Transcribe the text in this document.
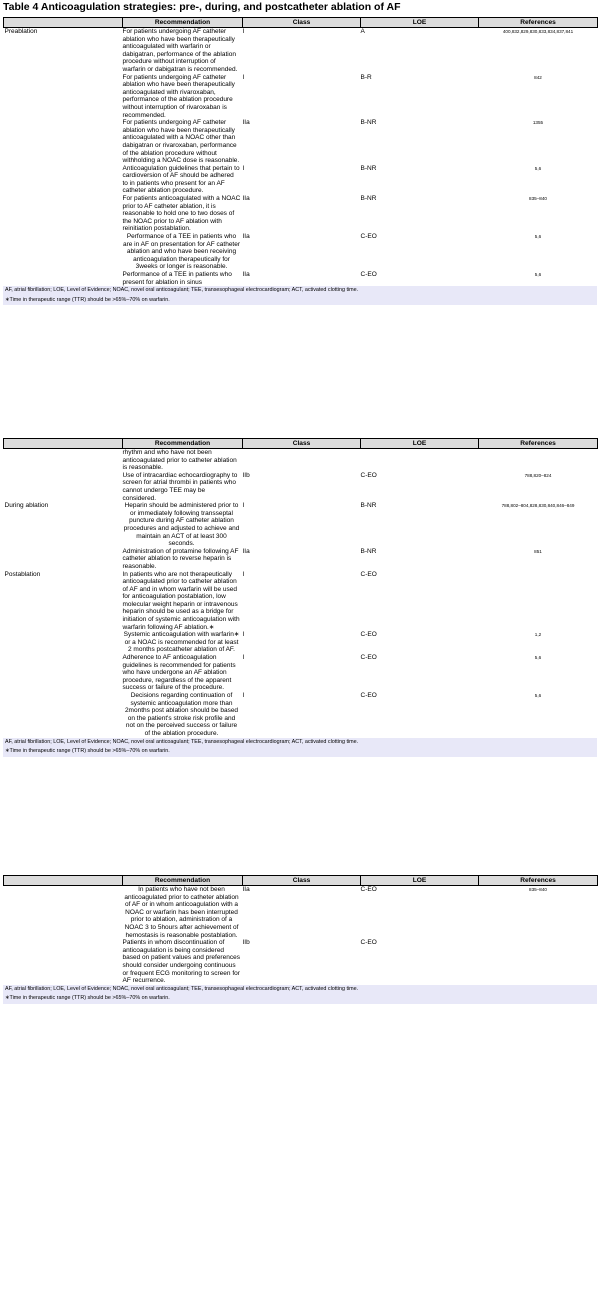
Table 4 Anticoagulation strategies: pre-, during, and postcatheter ablation of AF
	Recommendation	Class	LOE	References
Preablation	For patients undergoing AF catheter ablation who have been therapeutically anticoagulated with warfarin or dabigatran, performance of the ablation procedure without interruption of warfarin or dabigatran is recommended.	I	A	400,832,829,830,833,834,837,841
	For patients undergoing AF catheter ablation who have been therapeutically anticoagulated with rivaroxaban, performance of the ablation procedure without interruption of rivaroxaban is recommended.	I	B-R	842
	For patients undergoing AF catheter ablation who have been therapeutically anticoagulated with a NOAC other than dabigatran or rivaroxaban, performance of the ablation procedure without withholding a NOAC dose is reasonable.	IIa	B-NR	1355
	Anticoagulation guidelines that pertain to cardioversion of AF should be adhered to in patients who present for an AF catheter ablation procedure.	I	B-NR	5,6
	For patients anticoagulated with a NOAC prior to AF catheter ablation, it is reasonable to hold one to two doses of the NOAC prior to AF ablation with reinitiation postablation.	IIa	B-NR	835–840
	Performance of a TEE in patients who are in AF on presentation for AF catheter ablation and who have been receiving anticoagulation therapeutically for 3weeks or longer is reasonable.	IIa	C-EO	5,6
	Performance of a TEE in patients who present for ablation in sinus	IIa	C-EO	5,6
AF, atrial fibrillation; LOE, Level of Evidence; NOAC, novel oral anticoagulant; TEE, transesophageal electrocardiogram; ACT, activated clotting time.
∗Time in therapeutic range (TTR) should be >65%–70% on warfarin.
	Recommendation	Class	LOE	References
	rhythm and who have not been anticoagulated prior to catheter ablation is reasonable.			
	Use of intracardiac echocardiography to screen for atrial thrombi in patients who cannot undergo TEE may be considered.	IIb	C-EO	788,820–824
During ablation	Heparin should be administered prior to or immediately following transseptal puncture during AF catheter ablation procedures and adjusted to achieve and maintain an ACT of at least 300 seconds.	I	B-NR	788,802–804,828,830,840,846–849
	Administration of protamine following AF catheter ablation to reverse heparin is reasonable.	IIa	B-NR	851
Postablation	In patients who are not therapeutically anticoagulated prior to catheter ablation of AF and in whom warfarin will be used for anticoagulation postablation, low molecular weight heparin or intravenous heparin should be used as a bridge for initiation of systemic anticoagulation with warfarin following AF ablation.∗	I	C-EO	
	Systemic anticoagulation with warfarin∗ or a NOAC is recommended for at least 2 months postcatheter ablation of AF.	I	C-EO	1,2
	Adherence to AF anticoagulation guidelines is recommended for patients who have undergone an AF ablation procedure, regardless of the apparent success or failure of the procedure.	I	C-EO	5,6
	Decisions regarding continuation of systemic anticoagulation more than 2months post ablation should be based on the patient's stroke risk profile and not on the perceived success or failure of the ablation procedure.	I	C-EO	5,6
AF, atrial fibrillation; LOE, Level of Evidence; NOAC, novel oral anticoagulant; TEE, transesophageal electrocardiogram; ACT, activated clotting time.
∗Time in therapeutic range (TTR) should be >65%–70% on warfarin.
	Recommendation	Class	LOE	References
	In patients who have not been anticoagulated prior to catheter ablation of AF or in whom anticoagulation with a NOAC or warfarin has been interrupted prior to ablation, administration of a NOAC 3 to 5hours after achievement of hemostasis is reasonable postablation.	IIa	C-EO	835–840
	Patients in whom discontinuation of anticoagulation is being considered based on patient values and preferences should consider undergoing continuous or frequent ECG monitoring to screen for AF recurrence.	IIb	C-EO	
AF, atrial fibrillation; LOE, Level of Evidence; NOAC, novel oral anticoagulant; TEE, transesophageal electrocardiogram; ACT, activated clotting time.
∗Time in therapeutic range (TTR) should be >65%–70% on warfarin.
